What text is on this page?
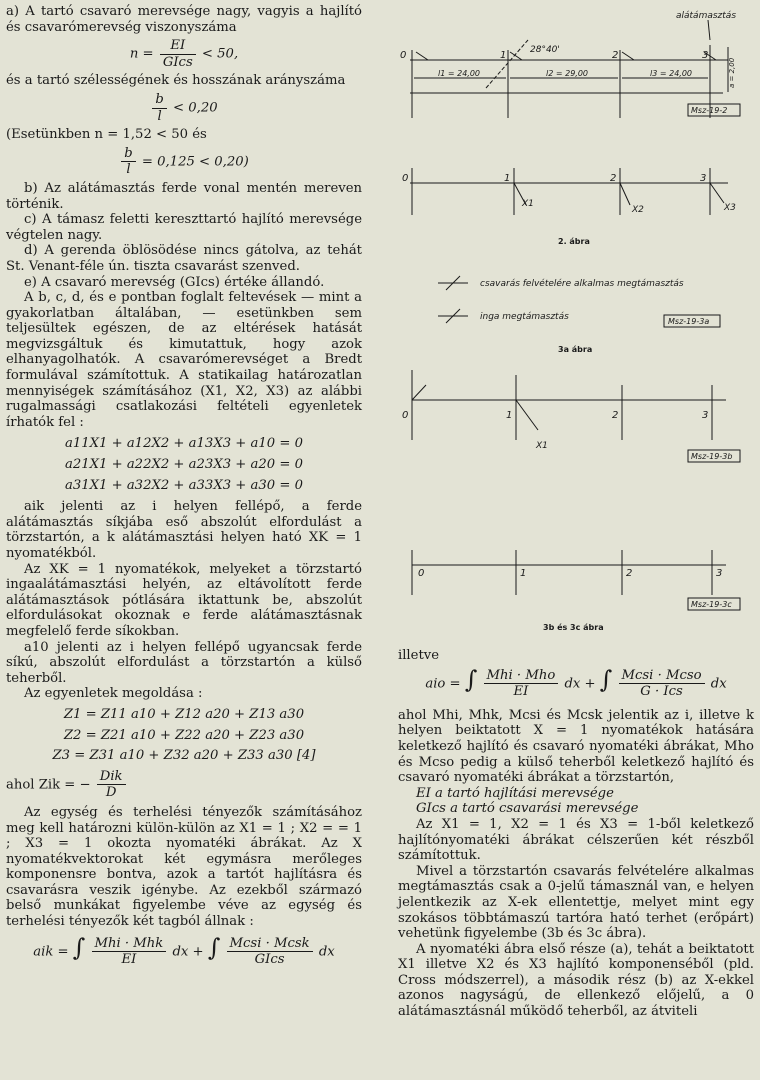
a) A tartó csavaró merevsége nagy, vagyis a hajlító és csavarómerevség viszonyszáma

$n = \frac{EI}{\text{GIcs}} < 50$,

és a tartó szélességének és hosszának arányszáma

$\frac{b}{l} < 0,20$

(Esetünkben n = 1,52 < 50 és

$\frac{b}{l} = 0,125 < 0,20$)

b) Az alátámasztás ferde vonal mentén mereven történik.

c) A támasz feletti kereszttartó hajlító merevsége végtelen nagy.

d) A gerenda öblösödése nincs gátolva, az tehát St. Venant-féle ún. tiszta csavarást szenved.

e) A csavaró merevség (GIcs) értéke állandó.

A b, c, d, és e pontban foglalt feltevések — mint a gyakorlatban általában, — esetünkben sem teljesültek egészen, de az eltérések hatását megvizsgáltuk és kimutattuk, hogy azok elhanyagolhatók. A csavarómerevséget a Bredt formulával számítottuk. A statikailag határozatlan mennyiségek számításához (X1, X2, X3) az alábbi rugalmassági csatlakozási feltételi egyenletek írhatók fel :

a11X1 + a12X2 + a13X3 + a10 = 0
a21X1 + a22X2 + a23X3 + a20 = 0
a31X1 + a32X2 + a33X3 + a30 = 0

aik jelenti az i helyen fellépő, a ferde alátámasztás síkjába eső abszolút elfordulást a törzstartón, a k alátámasztási helyen ható XK = 1 nyomatékból.

Az XK = 1 nyomatékok, melyeket a törzstartó ingaalátámasztási helyén, az eltávolított ferde alátámasztások pótlására iktattunk be, abszolút elfordulásokat okoznak e ferde alátámasztásnak megfelelő ferde síkokban.

a10 jelenti az i helyen fellépő ugyancsak ferde síkú, abszolút elfordulást a törzstartón a külső teherből.

Az egyenletek megoldása :

Z1 = Z11 a10 + Z12 a20 + Z13 a30
Z2 = Z21 a10 + Z22 a20 + Z23 a30
Z3 = Z31 a10 + Z32 a20 + Z33 a30 [4]

ahol Zik = − $\frac{\text{Dik}}{D}$

Az egység és terhelési tényezők számításához meg kell határozni külön-külön az X1 = 1 ; X2 = = 1 ; X3 = 1 okozta nyomatéki ábrákat. Az X nyomatékvektorokat két egymásra merőleges komponensre bontva, azok a tartót hajlításra és csavarásra veszik igénybe. Az ezekből származó belső munkákat figyelembe véve az egység és terhelési tényezők két tagból állnak :

aik = ∫ $\frac{\text{Mhi · Mhk}}{EI}$ dx + ∫ $\frac{\text{Mcsi · Mcsk}}{\text{GIcs}}$ dx
0	1	2	3
alátámasztás
28°40'
l1 = 24,00	l2 = 29,00	l3 = 24,00	a = 2,00
Msz-19-2
0	1	2	3
X1
X2	X3
2. ábra
csavarás felvételére alkalmas megtámasztás
inga megtámasztás	Msz-19-3a
3a ábra
0	1	2	3
X1
Msz-19-3b
0	1	2	3
Msz-19-3c
3b és 3c ábra

illetve

aio = ∫ $\frac{\text{Mhi · Mho}}{EI}$ dx + ∫ $\frac{\text{Mcsi · Mcso}}{\text{G · Ics}}$ dx

ahol Mhi, Mhk, Mcsi és Mcsk jelentik az i, illetve k helyen beiktatott X = 1 nyomatékok hatására keletkező hajlító és csavaró nyomatéki ábrákat, Mho és Mcso pedig a külső teherből keletkező hajlító és csavaró nyomatéki ábrákat a törzstartón,

EI a tartó hajlítási merevsége

GIcs a tartó csavarási merevsége

Az X1 = 1, X2 = 1 és X3 = 1-ből keletkező hajlítónyomatéki ábrákat célszerűen két részből számítottuk.

Mivel a törzstartón csavarás felvételére alkalmas megtámasztás csak a 0-jelű támasznál van, e helyen jelentkezik az X-ek ellentettje, melyet mint egy szokásos többtámaszú tartóra ható terhet (erőpárt) vehetünk figyelembe (3b és 3c ábra).

A nyomatéki ábra első része (a), tehát a beiktatott X1 illetve X2 és X3 hajlító komponenséből (pld. Cross módszerrel), a második rész (b) az X-ekkel azonos nagyságú, de ellenkező előjelű, a 0 alátámasztásnál működő teherből, az átviteli
